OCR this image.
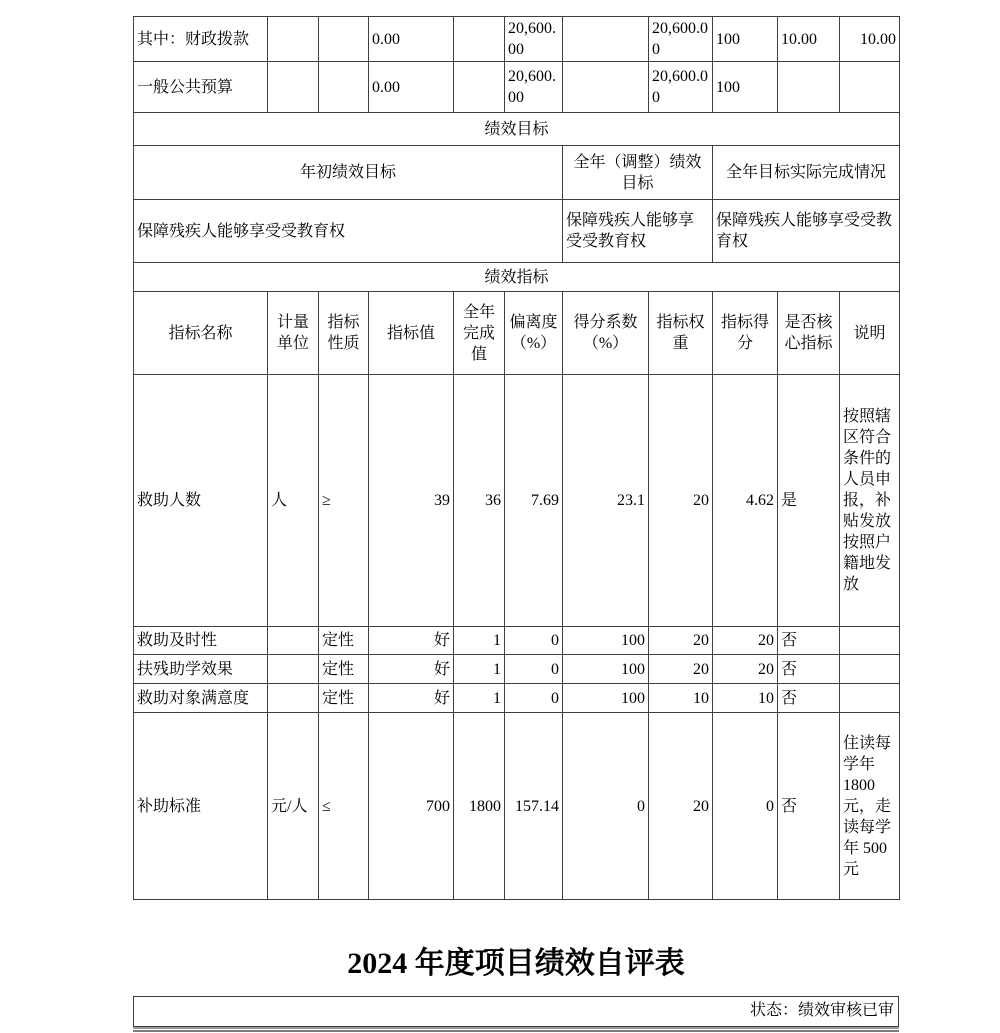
其中：财政拨款			0.00		20,600.00		20,600.00	100	10.00	10.00
一般公共预算			0.00		20,600.00		20,600.00	100		
绩效目标										
年初绩效目标						全年（调整）绩效目标		全年目标实际完成情况		
保障残疾人能够享受受教育权						保障残疾人能够享受受教育权		保障残疾人能够享受受教育权		
绩效指标										
指标名称	计量单位	指标性质	指标值	全年完成值	偏离度（%）	得分系数（%）	指标权重	指标得分	是否核心指标	说明
救助人数	人	≥	39	36	7.69	23.1	20	4.62	是	按照辖区符合条件的人员申报，补贴发放按照户籍地发放
救助及时性		定性	好	1	0	100	20	20	否	
扶残助学效果		定性	好	1	0	100	20	20	否	
救助对象满意度		定性	好	1	0	100	10	10	否	
补助标准	元/人	≤	700	1800	157.14	0	20	0	否	住读每学年 1800 元，走读每学年 500 元
2024 年度项目绩效自评表
状态：绩效审核已审
